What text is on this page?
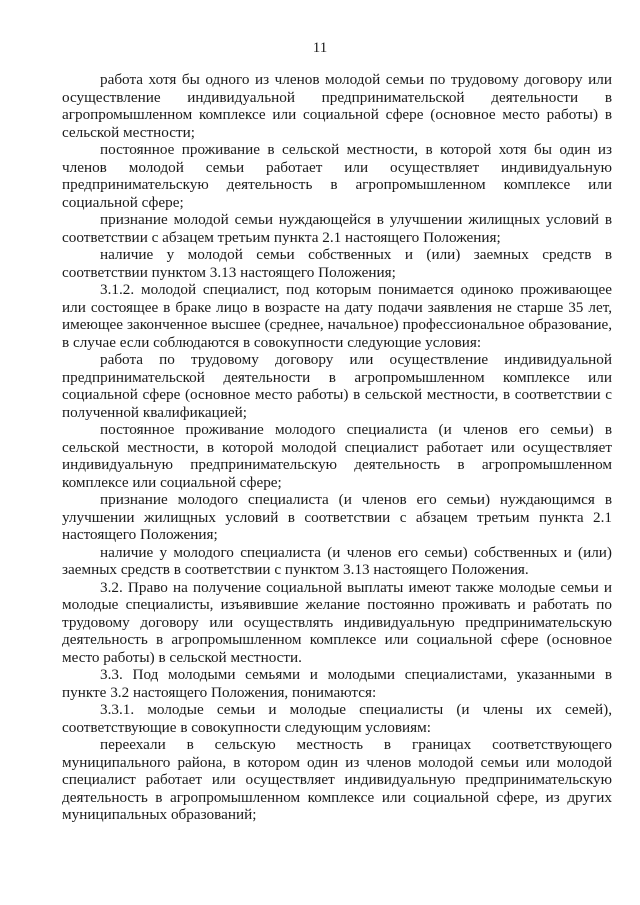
11

работа хотя бы одного из членов молодой семьи по трудовому договору или осуществление индивидуальной предпринимательской деятельности в агропромышленном комплексе или социальной сфере (основное место работы) в сельской местности;

постоянное проживание в сельской местности, в которой хотя бы один из членов молодой семьи работает или осуществляет индивидуальную предпринимательскую деятельность в агропромышленном комплексе или социальной сфере;

признание молодой семьи нуждающейся в улучшении жилищных условий в соответствии с абзацем третьим пункта 2.1 настоящего Положения;

наличие у молодой семьи собственных и (или) заемных средств в соответствии пунктом 3.13 настоящего Положения;

3.1.2. молодой специалист, под которым понимается одиноко проживающее или состоящее в браке лицо в возрасте на дату подачи заявления не старше 35 лет, имеющее законченное высшее (среднее, начальное) профессиональное образование, в случае если соблюдаются в совокупности следующие условия:

работа по трудовому договору или осуществление индивидуальной предпринимательской деятельности в агропромышленном комплексе или социальной сфере (основное место работы) в сельской местности, в соответствии с полученной квалификацией;

постоянное проживание молодого специалиста (и членов его семьи) в сельской местности, в которой молодой специалист работает или осуществляет индивидуальную предпринимательскую деятельность в агропромышленном комплексе или социальной сфере;

признание молодого специалиста (и членов его семьи) нуждающимся в улучшении жилищных условий в соответствии с абзацем третьим пункта 2.1 настоящего Положения;

наличие у молодого специалиста (и членов его семьи) собственных и (или) заемных средств в соответствии с пунктом 3.13 настоящего Положения.

3.2. Право на получение социальной выплаты имеют также молодые семьи и молодые специалисты, изъявившие желание постоянно проживать и работать по трудовому договору или осуществлять индивидуальную предпринимательскую деятельность в агропромышленном комплексе или социальной сфере (основное место работы) в сельской местности.

3.3. Под молодыми семьями и молодыми специалистами, указанными в пункте 3.2 настоящего Положения, понимаются:

3.3.1. молодые семьи и молодые специалисты (и члены их семей), соответствующие в совокупности следующим условиям:

переехали в сельскую местность в границах соответствующего муниципального района, в котором один из членов молодой семьи или молодой специалист работает или осуществляет индивидуальную предпринимательскую деятельность в агропромышленном комплексе или социальной сфере, из других муниципальных образований;
